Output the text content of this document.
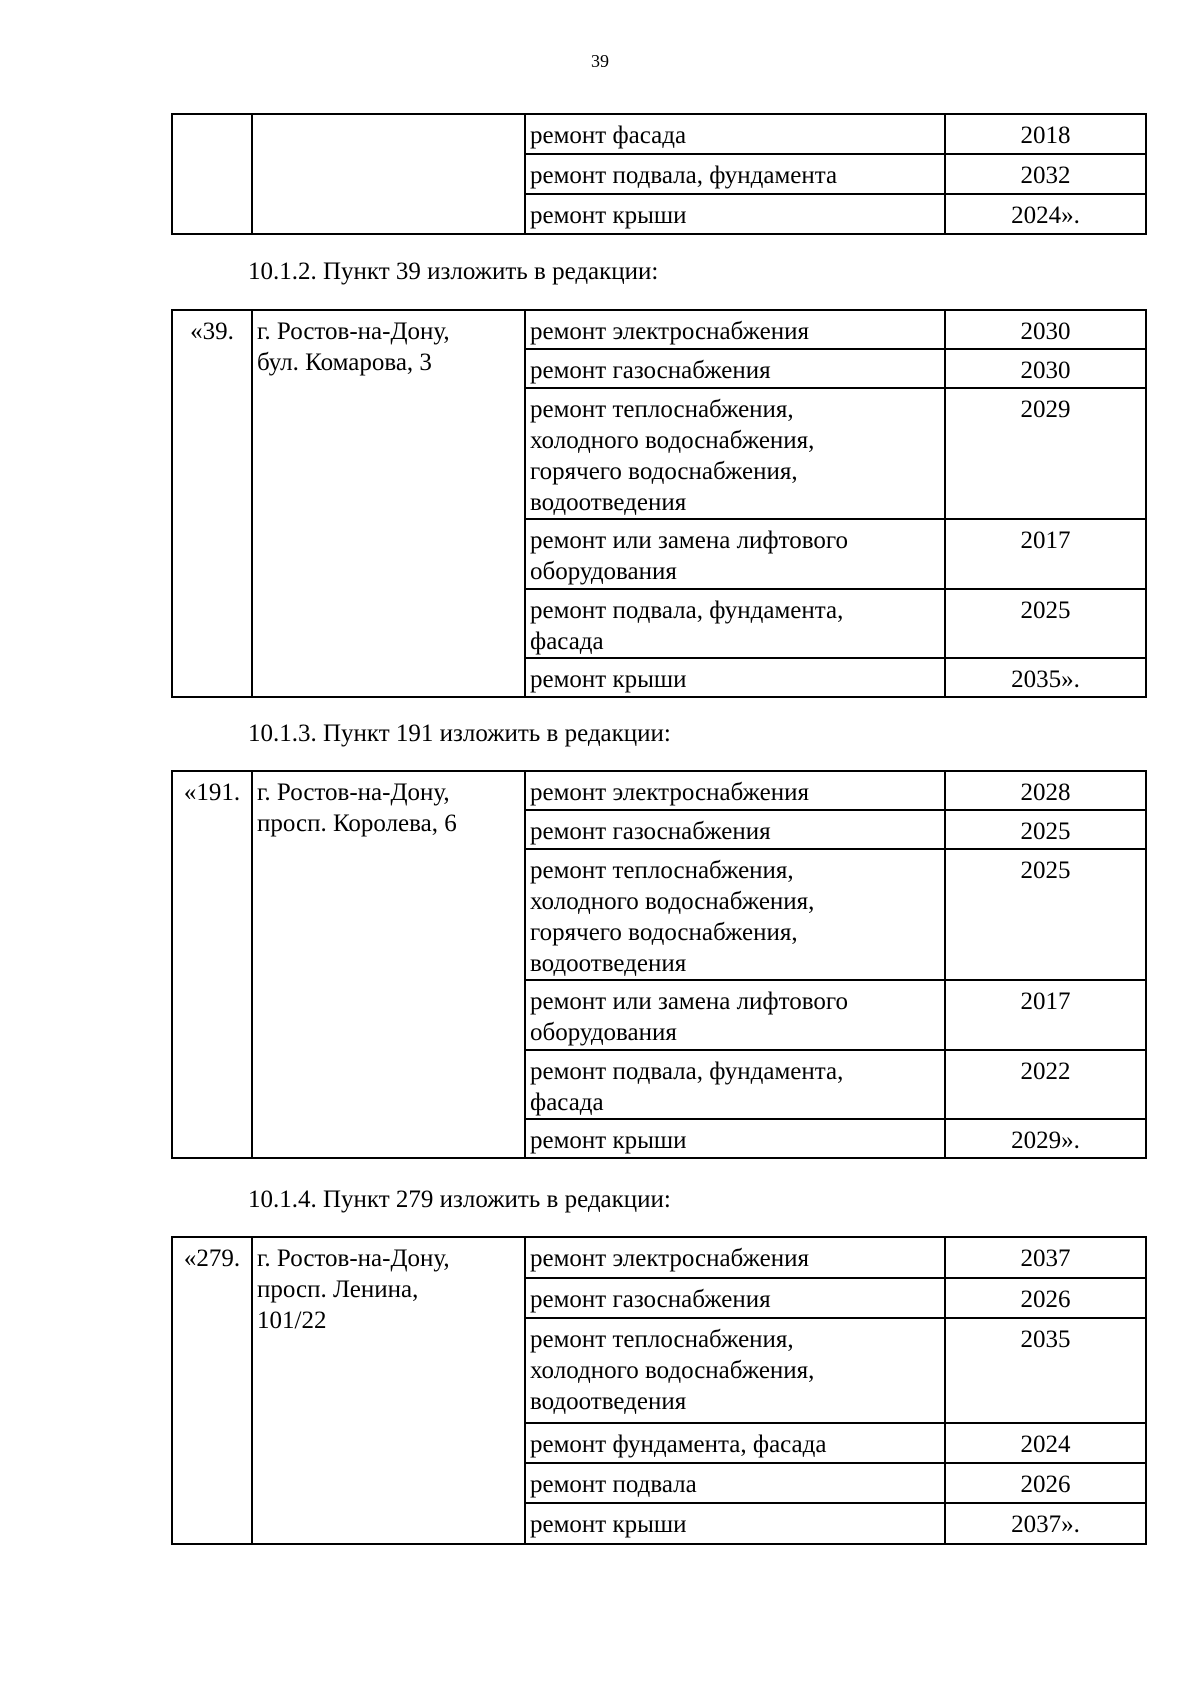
39

		ремонт фасада	2018

		ремонт подвала, фундамента	2032

		ремонт крыши	2024».
10.1.2. Пункт 39 изложить в редакции:
«39.	г. Ростов-на-Дону,
бул. Комарова, 3	ремонт электроснабжения	2030

		ремонт газоснабжения	2030

		ремонт теплоснабжения,
холодного водоснабжения,
горячего водоснабжения,
водоотведения	2029

		ремонт или замена лифтового
оборудования	2017

		ремонт подвала, фундамента,
фасада	2025

		ремонт крыши	2035».
10.1.3. Пункт 191 изложить в редакции:
«191.	г. Ростов-на-Дону,
просп. Королева, 6	ремонт электроснабжения	2028

		ремонт газоснабжения	2025

		ремонт теплоснабжения,
холодного водоснабжения,
горячего водоснабжения,
водоотведения	2025

		ремонт или замена лифтового
оборудования	2017

		ремонт подвала, фундамента,
фасада	2022

		ремонт крыши	2029».
10.1.4. Пункт 279 изложить в редакции:
«279.	г. Ростов-на-Дону,
просп. Ленина,
101/22	ремонт электроснабжения	2037

		ремонт газоснабжения	2026

		ремонт теплоснабжения,
холодного водоснабжения,
водоотведения	2035

		ремонт фундамента, фасада	2024

		ремонт подвала	2026

		ремонт крыши	2037».
